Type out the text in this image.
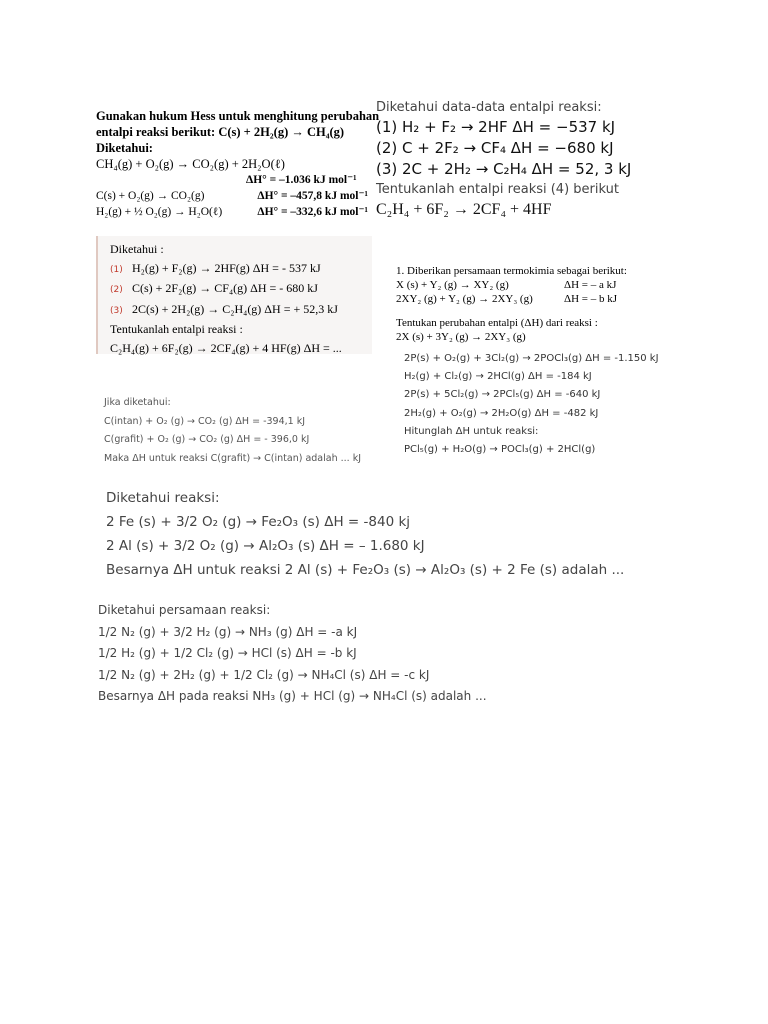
Gunakan hukum Hess untuk menghitung perubahan
entalpi reaksi berikut: C(s) + 2H₂(g) → CH₄(g)
Diketahui:
CH₄(g) + O₂(g) → CO₂(g) + 2H₂O(ℓ)
ΔH° = –1.036 kJ mol⁻¹
C(s) + O₂(g) → CO₂(g)	ΔH° = –457,8 kJ mol⁻¹
H₂(g) + ½ O₂(g) → H₂O(ℓ)	ΔH° = –332,6 kJ mol⁻¹
Diketahui data-data entalpi reaksi:
(1) H₂ + F₂ → 2HF ΔH = −537 kJ
(2) C + 2F₂ → CF₄ ΔH = −680 kJ
(3) 2C + 2H₂ → C₂H₄ ΔH = 52, 3 kJ
Tentukanlah entalpi reaksi (4) berikut
C₂H₄ + 6F₂ → 2CF₄ + 4HF
Diketahui :
(1) H₂(g) + F₂(g) → 2HF(g) ΔH = - 537 kJ
(2) C(s) + 2F₂(g) → CF₄(g) ΔH = - 680 kJ
(3) 2C(s) + 2H₂(g) → C₂H₄(g) ΔH = + 52,3 kJ
Tentukanlah entalpi reaksi :
C₂H₄(g) + 6F₂(g) → 2CF₄(g) + 4 HF(g) ΔH = ...
1. Diberikan persamaan termokimia sebagai berikut:
X (s) + Y₂ (g) → XY₂ (g)	ΔH = – a kJ
2XY₂ (g) + Y₂ (g) → 2XY₃ (g)	ΔH = – b kJ
Tentukan perubahan entalpi (ΔH) dari reaksi :
2X (s) + 3Y₂ (g) → 2XY₃ (g)
2P(s) + O₂(g) + 3Cl₂(g) → 2POCl₃(g) ΔH = -1.150 kJ
H₂(g) + Cl₂(g) → 2HCl(g) ΔH = -184 kJ
2P(s) + 5Cl₂(g) → 2PCl₅(g) ΔH = -640 kJ
2H₂(g) + O₂(g) → 2H₂O(g) ΔH = -482 kJ
Hitunglah ΔH untuk reaksi:
PCl₅(g) + H₂O(g) → POCl₃(g) + 2HCl(g)
Jika diketahui:
C(intan) + O₂ (g) → CO₂ (g) ΔH = -394,1 kJ
C(grafit) + O₂ (g) → CO₂ (g) ΔH = - 396,0 kJ
Maka ΔH untuk reaksi C(grafit) → C(intan) adalah ... kJ
Diketahui reaksi:
2 Fe (s) + 3/2 O₂ (g) → Fe₂O₃ (s) ΔH = -840 kj
2 Al (s) + 3/2 O₂ (g) → Al₂O₃ (s) ΔH = – 1.680 kJ
Besarnya ΔH untuk reaksi 2 Al (s) + Fe₂O₃ (s) → Al₂O₃ (s) + 2 Fe (s) adalah ...
Diketahui persamaan reaksi:
1/2 N₂ (g) + 3/2 H₂ (g) → NH₃ (g) ΔH = -a kJ
1/2 H₂ (g) + 1/2 Cl₂ (g) → HCl (s) ΔH = -b kJ
1/2 N₂ (g) + 2H₂ (g) + 1/2 Cl₂ (g) → NH₄Cl (s) ΔH = -c kJ
Besarnya ΔH pada reaksi NH₃ (g) + HCl (g) → NH₄Cl (s) adalah ...
